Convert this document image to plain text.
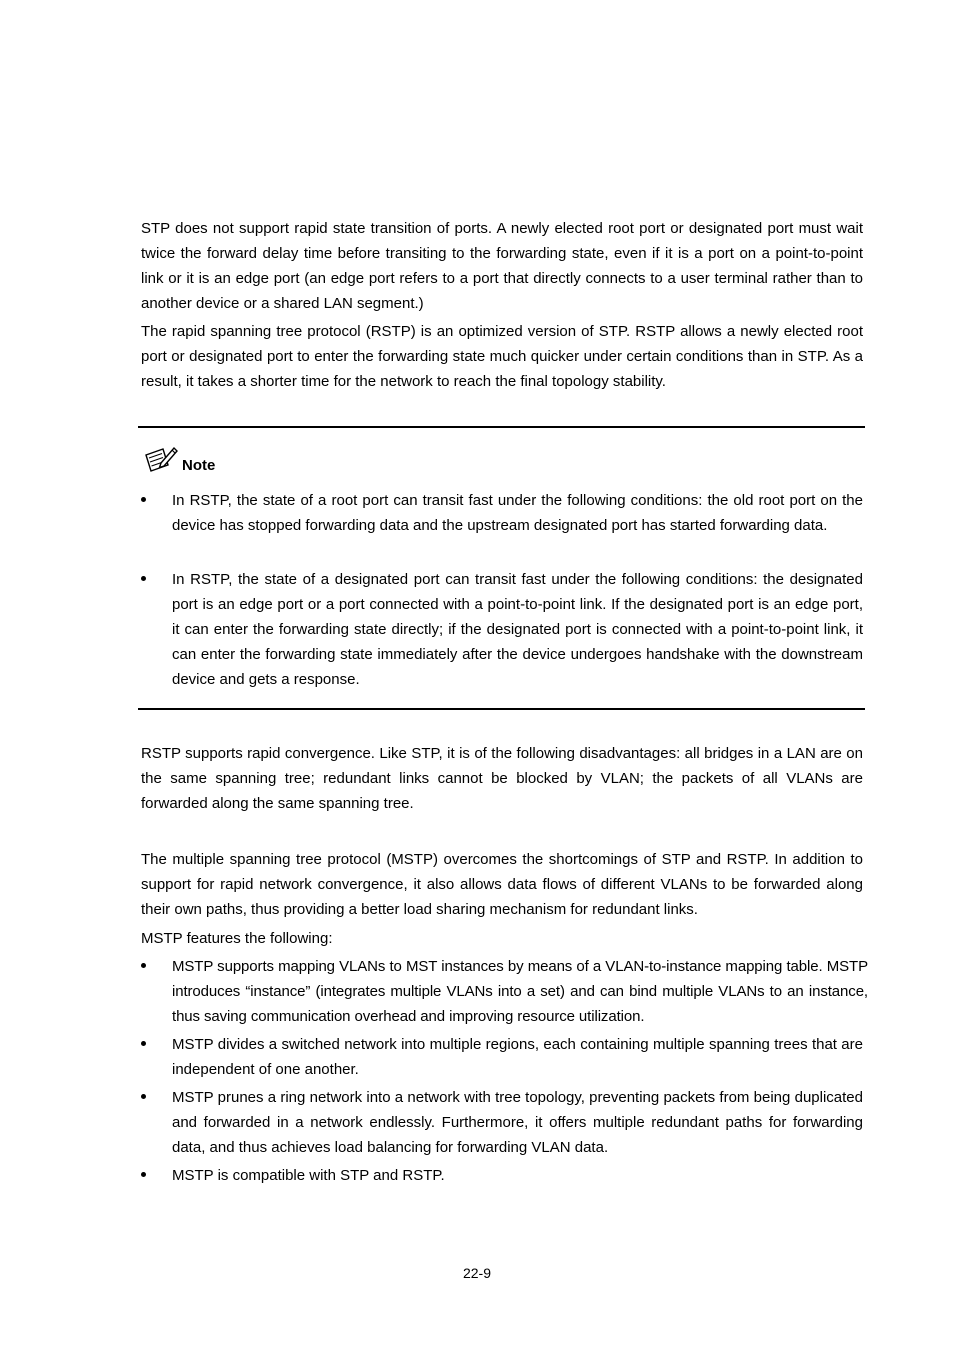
STP does not support rapid state transition of ports. A newly elected root port or designated port must wait twice the forward delay time before transiting to the forwarding state, even if it is a port on a point-to-point link or it is an edge port (an edge port refers to a port that directly connects to a user terminal rather than to another device or a shared LAN segment.)

The rapid spanning tree protocol (RSTP) is an optimized version of STP. RSTP allows a newly elected root port or designated port to enter the forwarding state much quicker under certain conditions than in STP. As a result, it takes a shorter time for the network to reach the final topology stability.

Note
In RSTP, the state of a root port can transit fast under the following conditions: the old root port on the device has stopped forwarding data and the upstream designated port has started forwarding data.
In RSTP, the state of a designated port can transit fast under the following conditions: the designated port is an edge port or a port connected with a point-to-point link. If the designated port is an edge port, it can enter the forwarding state directly; if the designated port is connected with a point-to-point link, it can enter the forwarding state immediately after the device undergoes handshake with the downstream device and gets a response.

RSTP supports rapid convergence. Like STP, it is of the following disadvantages: all bridges in a LAN are on the same spanning tree; redundant links cannot be blocked by VLAN; the packets of all VLANs are forwarded along the same spanning tree.

The multiple spanning tree protocol (MSTP) overcomes the shortcomings of STP and RSTP. In addition to support for rapid network convergence, it also allows data flows of different VLANs to be forwarded along their own paths, thus providing a better load sharing mechanism for redundant links.

MSTP features the following:

MSTP supports mapping VLANs to MST instances by means of a VLAN-to-instance mapping table. MSTP introduces “instance” (integrates multiple VLANs into a set) and can bind multiple VLANs to an instance, thus saving communication overhead and improving resource utilization.
MSTP divides a switched network into multiple regions, each containing multiple spanning trees that are independent of one another.
MSTP prunes a ring network into a network with tree topology, preventing packets from being duplicated and forwarded in a network endlessly. Furthermore, it offers multiple redundant paths for forwarding data, and thus achieves load balancing for forwarding VLAN data.
MSTP is compatible with STP and RSTP.
22-9
